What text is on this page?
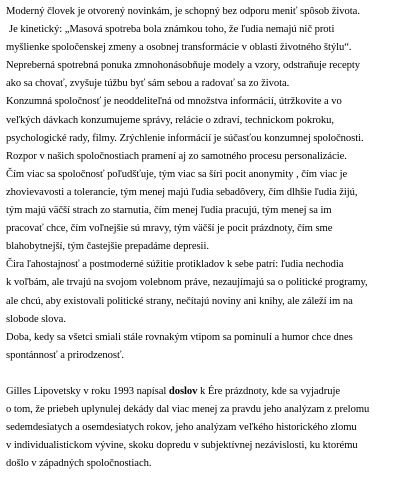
Moderný človek je otvorený novinkám, je schopný bez odporu meniť spôsob života.
Je kinetický: „Masová spotreba bola známkou toho, že ľudia nemajú nič proti
myšlienke spoločenskej zmeny a osobnej transformácie v oblasti životného štýlu“.
Nepreberná spotrebná ponuka zmnohonásobňuje modely a vzory, odstraňuje recepty
ako sa chovať, zvyšuje túžbu byť sám sebou a radovať sa zo života.
Konzumná spoločnosť je neoddeliteľná od množstva informácií, útržkovite a vo
veľkých dávkach konzumujeme správy, relácie o zdraví, technickom pokroku,
psychologické rady, filmy. Zrýchlenie informácií je súčasťou konzumnej spoločnosti.
Rozpor v našich spoločnostiach pramení aj zo samotného procesu personalizácie.
Čím viac sa spoločnosť poľudšťuje, tým viac sa šíri pocit anonymity , čím viac je
zhovievavosti a tolerancie, tým menej majú ľudia sebadôvery, čím dlhšie ľudia žijú,
tým majú väčší strach zo starnutia, čím menej ľudia pracujú, tým menej sa im
pracovať chce, čím voľnejšie sú mravy, tým väčší je pocit prázdnoty, čím sme
blahobytnejší, tým častejšie prepadáme depresii.
Čira ľahostajnosť a postmoderné súžitie protikladov k sebe patrí: ľudia nechodia
k voľbám, ale trvajú na svojom volebnom práve, nezaujímajú sa o politické programy,
ale chcú, aby existovali politické strany, nečítajú noviny ani knihy, ale záleží im na
slobode slova.
Doba, kedy sa všetci smiali stále rovnakým vtipom sa pominulí a humor chce dnes
spontánnosť a prirodzenosť.
Gilles Lipovetsky v roku 1993 napísal doslov k Ére prázdnoty, kde sa vyjadruje
o tom, že priebeh uplynulej dekády dal viac menej za pravdu jeho analýzam z prelomu
sedemdesiatych a osemdesiatych rokov, jeho analýzam veľkého historického zlomu
v individualistickom vývine, skoku dopredu v subjektívnej nezávislosti, ku ktorému
došlo v západných spoločnostiach.
